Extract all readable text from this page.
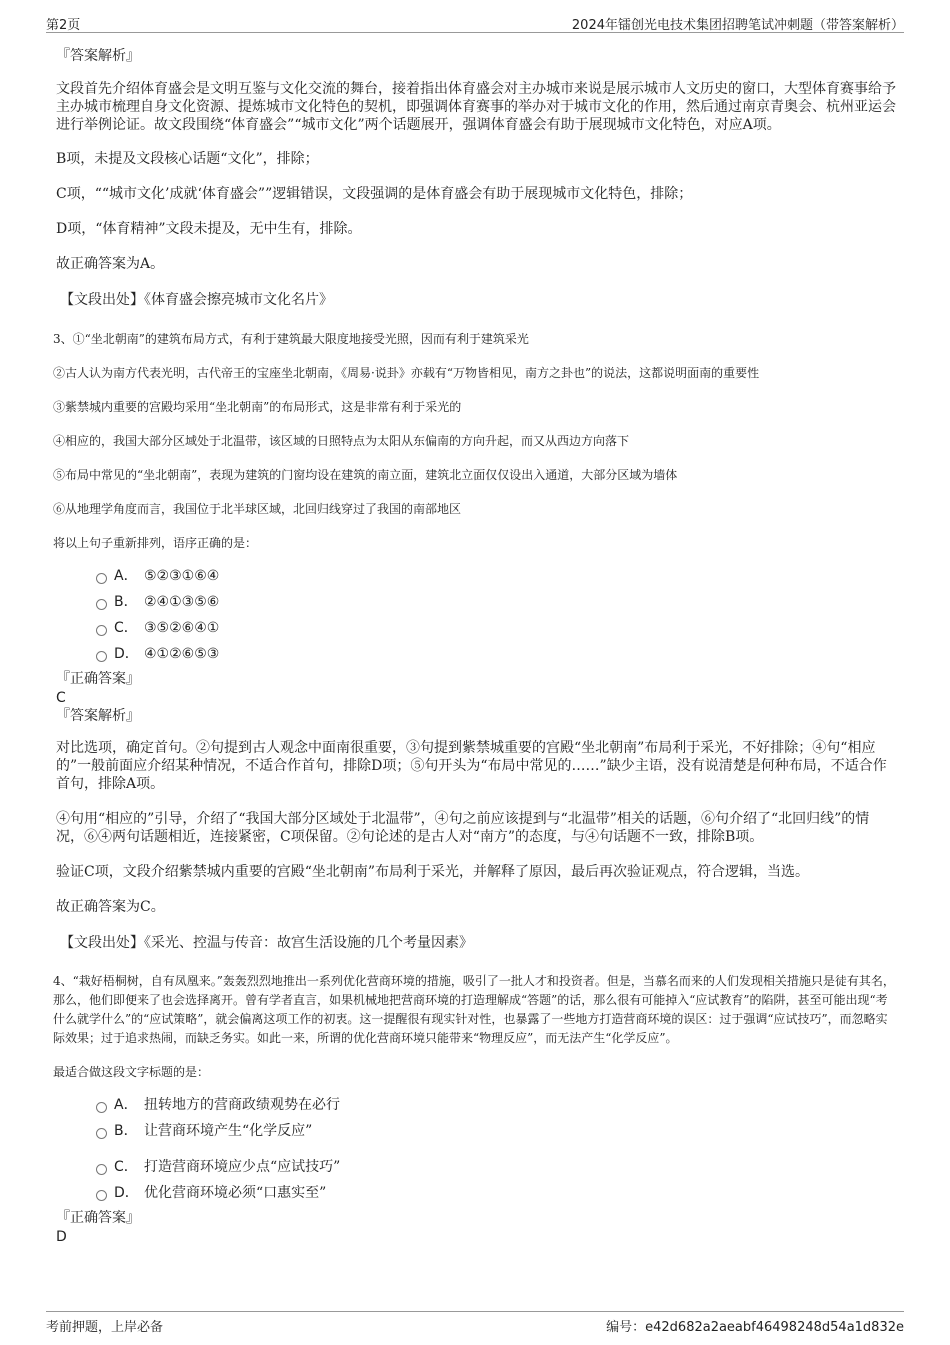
第2页	2024年镭创光电技术集团招聘笔试冲刺题（带答案解析）

『答案解析』

文段首先介绍体育盛会是文明互鉴与文化交流的舞台，接着指出体育盛会对主办城市来说是展示城市人文历史的窗口，大型体育赛事给予主办城市梳理自身文化资源、提炼城市文化特色的契机，即强调体育赛事的举办对于城市文化的作用，然后通过南京青奥会、杭州亚运会进行举例论证。故文段围绕“体育盛会”“城市文化”两个话题展开，强调体育盛会有助于展现城市文化特色，对应A项。

B项，未提及文段核心话题“文化”，排除；

C项，““城市文化’成就‘体育盛会””逻辑错误，文段强调的是体育盛会有助于展现城市文化特色，排除；

D项，“体育精神”文段未提及，无中生有，排除。

故正确答案为A。

【文段出处】《体育盛会擦亮城市文化名片》

3、①“坐北朝南”的建筑布局方式，有利于建筑最大限度地接受光照，因而有利于建筑采光

②古人认为南方代表光明，古代帝王的宝座坐北朝南，《周易·说卦》亦载有“万物皆相见，南方之卦也”的说法，这都说明面南的重要性

③紫禁城内重要的宫殿均采用“坐北朝南”的布局形式，这是非常有利于采光的

④相应的，我国大部分区域处于北温带，该区域的日照特点为太阳从东偏南的方向升起，而又从西边方向落下

⑤布局中常见的“坐北朝南”，表现为建筑的门窗均设在建筑的南立面，建筑北立面仅仅设出入通道，大部分区域为墙体

⑥从地理学角度而言，我国位于北半球区域，北回归线穿过了我国的南部地区

将以上句子重新排列，语序正确的是：

A． ⑤②③①⑥④
B． ②④①③⑤⑥
C． ③⑤②⑥④①
D． ④①②⑥⑤③

『正确答案』

C

『答案解析』

对比选项，确定首句。②句提到古人观念中面南很重要，③句提到紫禁城重要的宫殿“坐北朝南”布局利于采光，不好排除；④句“相应的”一般前面应介绍某种情况，不适合作首句，排除D项；⑤句开头为“布局中常见的……”缺少主语，没有说清楚是何种布局，不适合作首句，排除A项。

④句用“相应的”引导，介绍了“我国大部分区域处于北温带”，④句之前应该提到与“北温带”相关的话题，⑥句介绍了“北回归线”的情况，⑥④两句话题相近，连接紧密，C项保留。②句论述的是古人对“南方”的态度，与④句话题不一致，排除B项。

验证C项，文段介绍紫禁城内重要的宫殿“坐北朝南”布局利于采光，并解释了原因，最后再次验证观点，符合逻辑，当选。

故正确答案为C。

【文段出处】《采光、控温与传音：故宫生活设施的几个考量因素》

4、“栽好梧桐树，自有凤凰来。”轰轰烈烈地推出一系列优化营商环境的措施，吸引了一批人才和投资者。但是，当慕名而来的人们发现相关措施只是徒有其名，那么，他们即便来了也会选择离开。曾有学者直言，如果机械地把营商环境的打造理解成“答题”的话，那么很有可能掉入“应试教育”的陷阱，甚至可能出现“考什么就学什么”的“应试策略”，就会偏离这项工作的初衷。这一提醒很有现实针对性，也暴露了一些地方打造营商环境的误区：过于强调“应试技巧”，而忽略实际效果；过于追求热闹，而缺乏务实。如此一来，所谓的优化营商环境只能带来“物理反应”，而无法产生“化学反应”。

最适合做这段文字标题的是：

A． 扭转地方的营商政绩观势在必行
B． 让营商环境产生“化学反应”
C． 打造营商环境应少点“应试技巧”
D． 优化营商环境必须“口惠实至”

『正确答案』

D

考前押题，上岸必备	编号：e42d682a2aeabf46498248d54a1d832e
